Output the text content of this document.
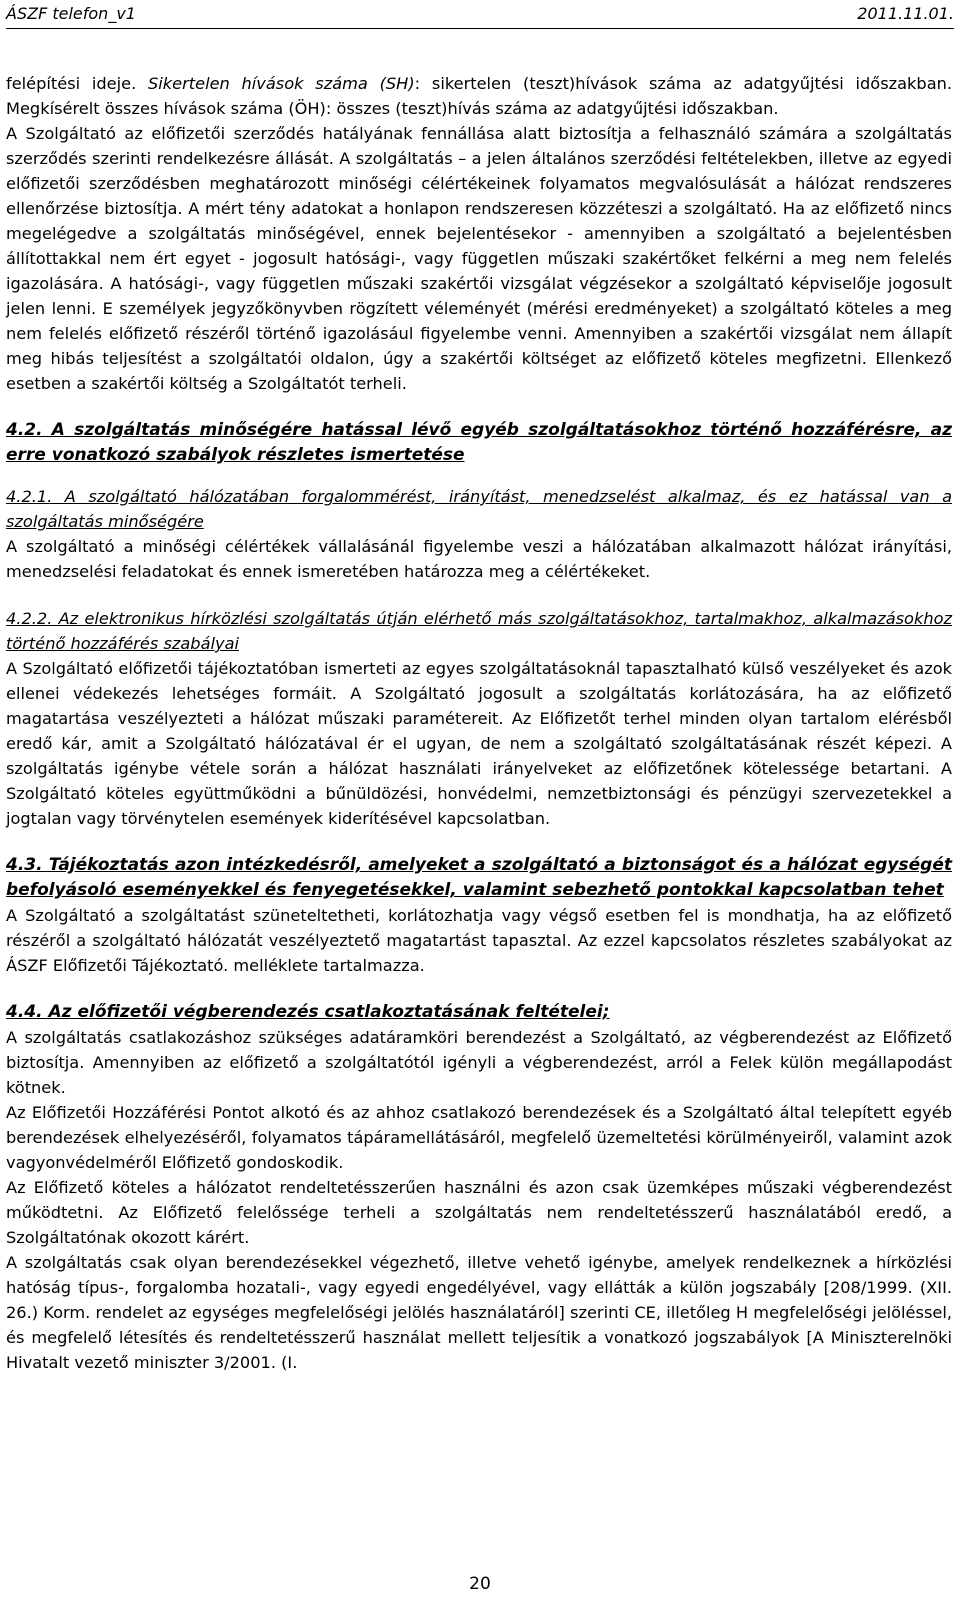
ÁSZF telefon_v1	2011.11.01.

felépítési ideje. Sikertelen hívások száma (SH): sikertelen (teszt)hívások száma az adatgyűjtési időszakban. Megkísérelt összes hívások száma (ÖH): összes (teszt)hívás száma az adatgyűjtési időszakban.

A Szolgáltató az előfizetői szerződés hatályának fennállása alatt biztosítja a felhasználó számára a szolgáltatás szerződés szerinti rendelkezésre állását. A szolgáltatás – a jelen általános szerződési feltételekben, illetve az egyedi előfizetői szerződésben meghatározott minőségi célértékeinek folyamatos megvalósulását a hálózat rendszeres ellenőrzése biztosítja. A mért tény adatokat a honlapon rendszeresen közzéteszi a szolgáltató. Ha az előfizető nincs megelégedve a szolgáltatás minőségével, ennek bejelentésekor - amennyiben a szolgáltató a bejelentésben állítottakkal nem ért egyet - jogosult hatósági-, vagy független műszaki szakértőket felkérni a meg nem felelés igazolására. A hatósági-, vagy független műszaki szakértői vizsgálat végzésekor a szolgáltató képviselője jogosult jelen lenni. E személyek jegyzőkönyvben rögzített véleményét (mérési eredményeket) a szolgáltató köteles a meg nem felelés előfizető részéről történő igazolásául figyelembe venni. Amennyiben a szakértői vizsgálat nem állapít meg hibás teljesítést a szolgáltatói oldalon, úgy a szakértői költséget az előfizető köteles megfizetni. Ellenkező esetben a szakértői költség a Szolgáltatót terheli.

4.2. A szolgáltatás minőségére hatással lévő egyéb szolgáltatásokhoz történő hozzáférésre, az erre vonatkozó szabályok részletes ismertetése

4.2.1. A szolgáltató hálózatában forgalommérést, irányítást, menedzselést alkalmaz, és ez hatással van a szolgáltatás minőségére

A szolgáltató a minőségi célértékek vállalásánál figyelembe veszi a hálózatában alkalmazott hálózat irányítási, menedzselési feladatokat és ennek ismeretében határozza meg a célértékeket.

4.2.2. Az elektronikus hírközlési szolgáltatás útján elérhető más szolgáltatásokhoz, tartalmakhoz, alkalmazásokhoz történő hozzáférés szabályai

A Szolgáltató előfizetői tájékoztatóban ismerteti az egyes szolgáltatásoknál tapasztalható külső veszélyeket és azok ellenei védekezés lehetséges formáit. A Szolgáltató jogosult a szolgáltatás korlátozására, ha az előfizető magatartása veszélyezteti a hálózat műszaki paramétereit. Az Előfizetőt terhel minden olyan tartalom elérésből eredő kár, amit a Szolgáltató hálózatával ér el ugyan, de nem a szolgáltató szolgáltatásának részét képezi. A szolgáltatás igénybe vétele során a hálózat használati irányelveket az előfizetőnek kötelessége betartani. A Szolgáltató köteles együttműködni a bűnüldözési, honvédelmi, nemzetbiztonsági és pénzügyi szervezetekkel a jogtalan vagy törvénytelen események kiderítésével kapcsolatban.

4.3. Tájékoztatás azon intézkedésről, amelyeket a szolgáltató a biztonságot és a hálózat egységét befolyásoló eseményekkel és fenyegetésekkel, valamint sebezhető pontokkal kapcsolatban tehet

A Szolgáltató a szolgáltatást szüneteltetheti, korlátozhatja vagy végső esetben fel is mondhatja, ha az előfizető részéről a szolgáltató hálózatát veszélyeztető magatartást tapasztal. Az ezzel kapcsolatos részletes szabályokat az ÁSZF Előfizetői Tájékoztató. melléklete tartalmazza.

4.4. Az előfizetői végberendezés csatlakoztatásának feltételei;

A szolgáltatás csatlakozáshoz szükséges adatáramköri berendezést a Szolgáltató, az végberendezést az Előfizető biztosítja. Amennyiben az előfizető a szolgáltatótól igényli a végberendezést, arról a Felek külön megállapodást kötnek.

Az Előfizetői Hozzáférési Pontot alkotó és az ahhoz csatlakozó berendezések és a Szolgáltató által telepített egyéb berendezések elhelyezéséről, folyamatos tápáramellátásáról, megfelelő üzemeltetési körülményeiről, valamint azok vagyonvédelméről Előfizető gondoskodik.

Az Előfizető köteles a hálózatot rendeltetésszerűen használni és azon csak üzemképes műszaki végberendezést működtetni. Az Előfizető felelőssége terheli a szolgáltatás nem rendeltetésszerű használatából eredő, a Szolgáltatónak okozott kárért.

A szolgáltatás csak olyan berendezésekkel végezhető, illetve vehető igénybe, amelyek rendelkeznek a hírközlési hatóság típus-, forgalomba hozatali-, vagy egyedi engedélyével, vagy ellátták a külön jogszabály [208/1999. (XII. 26.) Korm. rendelet az egységes megfelelőségi jelölés használatáról] szerinti CE, illetőleg H megfelelőségi jelöléssel, és megfelelő létesítés és rendeltetésszerű használat mellett teljesítik a vonatkozó jogszabályok [A Miniszterelnöki Hivatalt vezető miniszter 3/2001. (I.

20
